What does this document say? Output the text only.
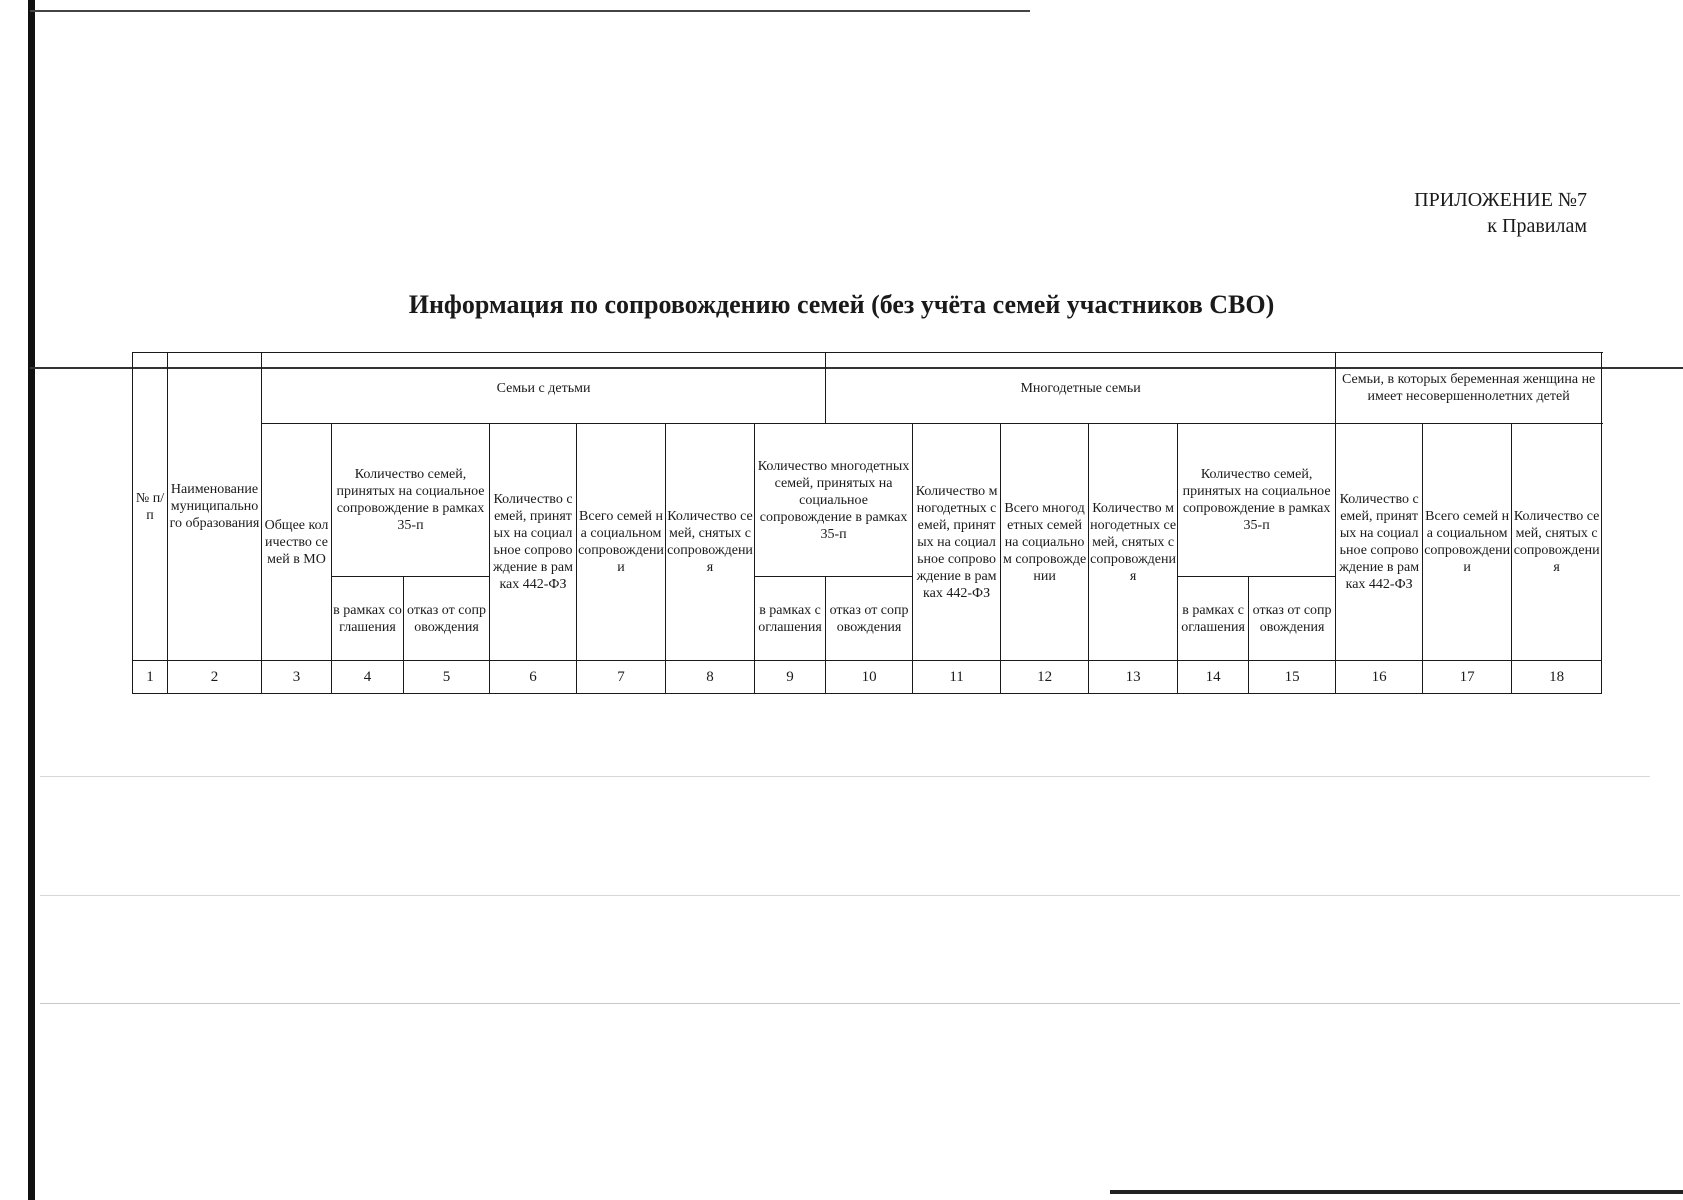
ПРИЛОЖЕНИЕ №7
к Правилам
Информация по сопровождению семей (без учёта семей участников СВО)
№ п/п	Наименование муниципального образования	Семьи с детьми							Многодетные семьи						Семьи, в которых беременная женщина не имеет несовершеннолетних детей		
		Общее количество семей в МО	Количество семей, принятых на социальное сопровождение в рамках 35-п		Количество семей, принятых на социальное сопровождение в рамках 442-ФЗ	Всего семей на социальном сопровождении	Количество семей, снятых с сопровождения	Количество многодетных семей, принятых на социальное сопровождение в рамках 35-п		Количество многодетных семей, принятых на социальное сопровождение в рамках 442-ФЗ	Всего многодетных семей на социальном сопровождении	Количество многодетных семей, снятых с сопровождения	Количество семей, принятых на социальное сопровождение в рамках 35-п		Количество семей, принятых на социальное сопровождение в рамках 442-ФЗ	Всего семей на социальном сопровождении	Количество семей, снятых с сопровождения
			в рамках соглашения	отказ от сопровождения				в рамках соглашения	отказ от сопровождения				в рамках соглашения	отказ от сопровождения			
1	2	3	4	5	6	7	8	9	10	11	12	13	14	15	16	17	18
